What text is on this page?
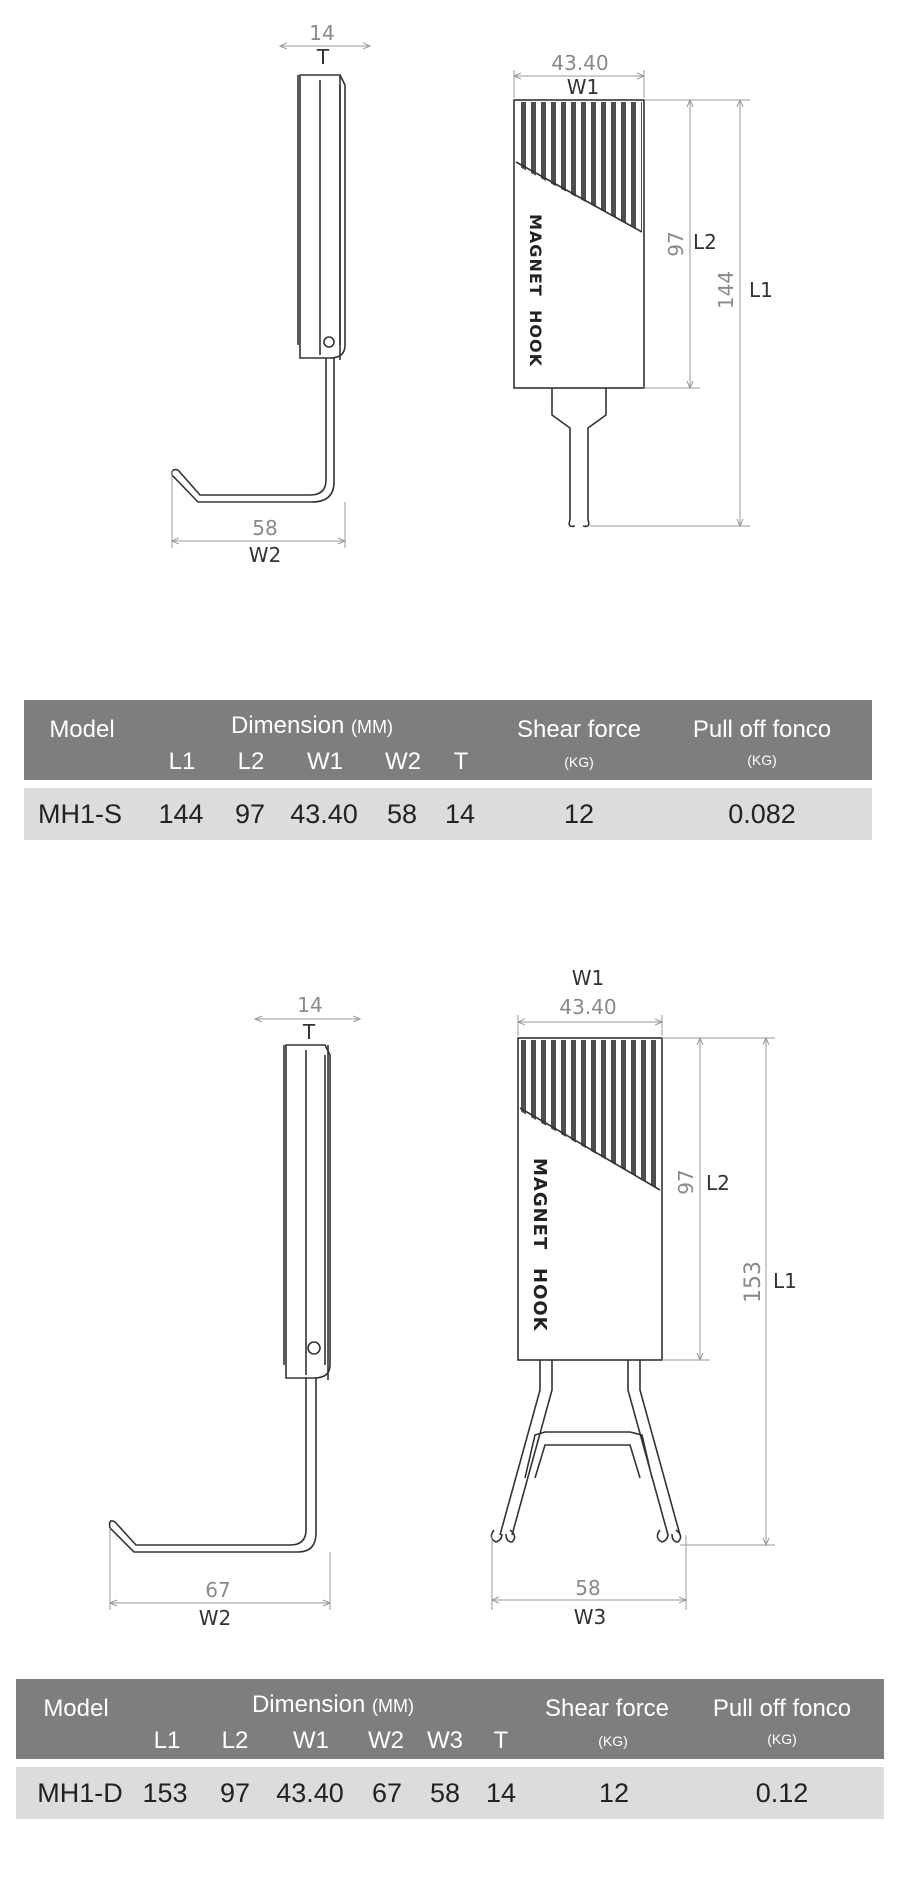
14
T
58
W2
MAGNET
HOOK
43.40
W1
97 L2
144 L1
14
T
67
W2
MAGNET
HOOK
W1
43.40
97 L2
153 L1
58
W3
Model	Dimension (MM)
L1 L2 W1 W2 T
Shear force
(KG)
Pull off fonco
(KG)
MH1-S 144 97 43.40 58 14	12	0.082
Model	Dimension (MM)
L1 L2 W1 W2 W3 T
Shear force
(KG)
Pull off fonco
(KG)
MH1-D 153 97 43.40 67 58 14	12	0.12
